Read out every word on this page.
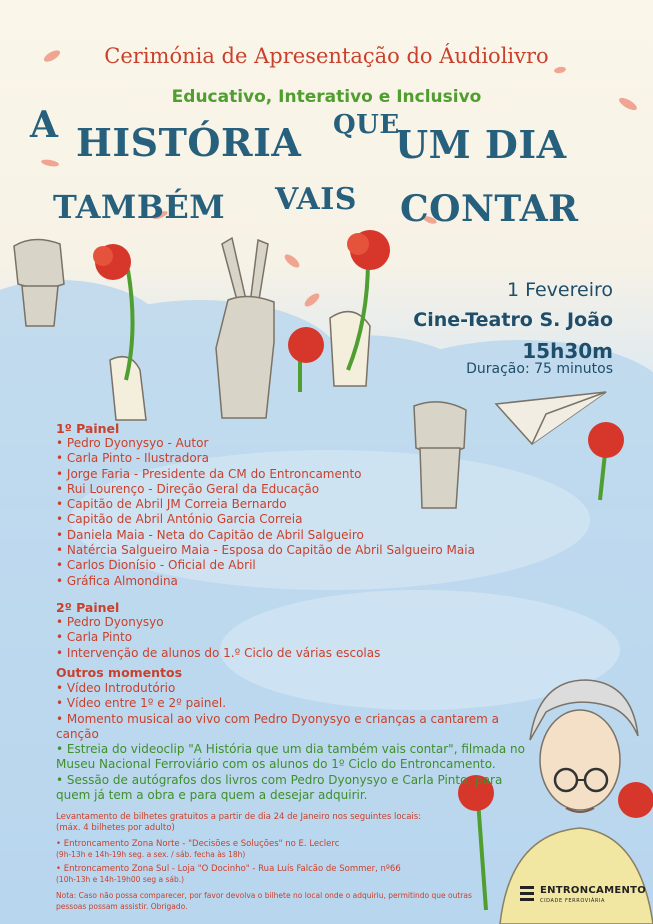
Cerimónia de Apresentação do Áudiolivro
Educativo, Interativo e Inclusivo
A HISTÓRIA QUE
UM DIA
TAMBÉM VAIS CONTAR
1 Fevereiro
Cine-Teatro S. João
15h30m
Duração: 75 minutos
1º Painel
• Pedro Dyonysyo - Autor
• Carla Pinto - Ilustradora
• Jorge Faria - Presidente da CM do Entroncamento
• Rui Lourenço - Direção Geral da Educação
• Capitão de Abril JM Correia Bernardo
• Capitão de Abril António Garcia Correia
• Daniela Maia - Neta do Capitão de Abril Salgueiro
• Natércia Salgueiro Maia - Esposa do Capitão de Abril Salgueiro Maia
• Carlos Dionísio - Oficial de Abril
• Gráfica Almondina
2º Painel
• Pedro Dyonysyo
• Carla Pinto
• Intervenção de alunos do 1.º Ciclo de várias escolas
Outros momentos
• Vídeo Introdutório
• Vídeo entre 1º e 2º painel.
• Momento musical ao vivo com Pedro Dyonysyo e crianças a cantarem a canção
• Estreia do videoclip "A História que um dia também vais contar", filmada no Museu Nacional Ferroviário com os alunos do 1º Ciclo do Entroncamento.
• Sessão de autógrafos dos livros com Pedro Dyonysyo e Carla Pinto, para quem já tem a obra e para quem a desejar adquirir.
Levantamento de bilhetes gratuitos a partir de dia 24 de Janeiro nos seguintes locais:
(máx. 4 bilhetes por adulto)
• Entroncamento Zona Norte - "Decisões e Soluções" no E. Leclerc
(9h-13h e 14h-19h seg. a sex. / sáb. fecha às 18h)
• Entroncamento Zona Sul - Loja "O Docinho" - Rua Luís Falcão de Sommer, nº66
(10h-13h e 14h-19h00 seg a sáb.)
Nota: Caso não possa comparecer, por favor devolva o bilhete no local onde o adquiriu, permitindo que outras pessoas possam assistir. Obrigado.
ENTRONCAMENTO
CIDADE FERROVIÁRIA
